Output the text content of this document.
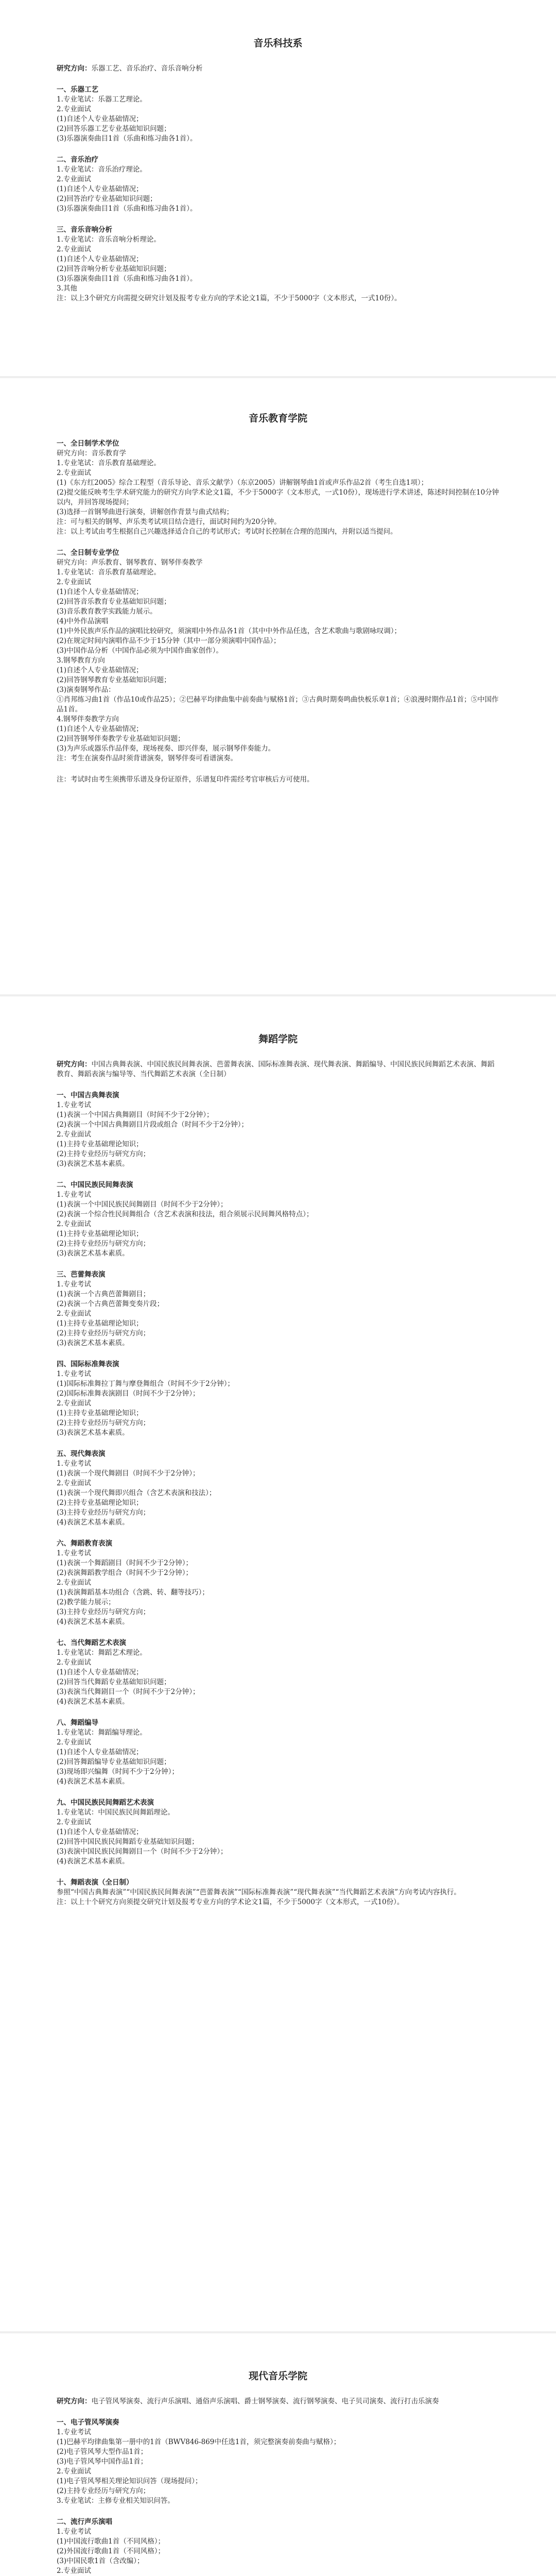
音乐科技系
研究方向：乐器工艺、音乐治疗、音乐音响分析
一、乐器工艺
1.专业笔试：乐器工艺理论。
2.专业面试
(1)自述个人专业基础情况；
(2)回答乐器工艺专业基础知识问题；
(3)乐器演奏曲目1首（乐曲和练习曲各1首）。
二、音乐治疗
1.专业笔试：音乐治疗理论。
2.专业面试
(1)自述个人专业基础情况；
(2)回答治疗专业基础知识问题；
(3)乐器演奏曲目1首（乐曲和练习曲各1首）。
三、音乐音响分析
1.专业笔试：音乐音响分析理论。
2.专业面试
(1)自述个人专业基础情况；
(2)回答音响分析专业基础知识问题；
(3)乐器演奏曲目1首（乐曲和练习曲各1首）。
3.其他
注：以上3个研究方向需提交研究计划及报考专业方向的学术论文1篇，不少于5000字（文本形式，一式10份）。
音乐教育学院
一、全日制学术学位
研究方向：音乐教育学
1.专业笔试：音乐教育基础理论。
2.专业面试
(1)《东方红2005》综合工程型（音乐导论、音乐文献学）（东京2005）讲解钢琴曲1首或声乐作品2首（考生自选1项）；
(2)提交能反映考生学术研究能力的研究方向学术论文1篇，不少于5000字（文本形式，一式10份），现场进行学术讲述，陈述时间控制在10分钟以内，并回答现场提问；
(3)选择一首钢琴曲进行演奏，讲解创作背景与曲式结构；
注：可与相关的钢琴、声乐类考试项目结合进行，面试时间约为20分钟。
注：以上考试由考生根据自己兴趣选择适合自己的考试形式；考试时长控制在合理的范围内，并附以适当提问。
二、全日制专业学位
研究方向：声乐教育、钢琴教育、钢琴伴奏教学
1.专业笔试：音乐教育基础理论。
2.专业面试
(1)自述个人专业基础情况；
(2)回答音乐教育专业基础知识问题；
(3)音乐教育教学实践能力展示。
(4)中外作品演唱
(1)中外民族声乐作品的演唱比较研究，须演唱中外作品各1首（其中中外作品任选，含艺术歌曲与歌剧咏叹调）；
(2)在规定时间内演唱作品不少于15分钟（其中一部分须演唱中国作品）；
(3)中国作品分析（中国作品必须为中国作曲家创作）。
3.钢琴教育方向
(1)自述个人专业基础情况；
(2)回答钢琴教育专业基础知识问题；
(3)演奏钢琴作品：
①肖邦练习曲1首（作品10或作品25）；②巴赫平均律曲集中前奏曲与赋格1首；③古典时期奏鸣曲快板乐章1首；④浪漫时期作品1首；⑤中国作品1首。
4.钢琴伴奏教学方向
(1)自述个人专业基础情况；
(2)回答钢琴伴奏教学专业基础知识问题；
(3)为声乐或器乐作品伴奏，现场视奏、即兴伴奏，展示钢琴伴奏能力。
注：考生在演奏作品时须背谱演奏，钢琴伴奏可看谱演奏。
注：考试时由考生须携带乐谱及身份证原件，乐谱复印件需经考官审核后方可使用。
舞蹈学院
研究方向：中国古典舞表演、中国民族民间舞表演、芭蕾舞表演、国际标准舞表演、现代舞表演、舞蹈编导、中国民族民间舞蹈艺术表演、舞蹈教育、舞蹈表演与编导等、当代舞蹈艺术表演（全日制）
一、中国古典舞表演
1.专业考试
(1)表演一个中国古典舞剧目（时间不少于2分钟）；
(2)表演一个中国古典舞剧目片段或组合（时间不少于2分钟）；
2.专业面试
(1)主持专业基础理论知识；
(2)主持专业经历与研究方向；
(3)表演艺术基本素质。
二、中国民族民间舞表演
1.专业考试
(1)表演一个中国民族民间舞剧目（时间不少于2分钟）；
(2)表演一个综合性民间舞组合（含艺术表演和技法，组合须展示民间舞风格特点）；
2.专业面试
(1)主持专业基础理论知识；
(2)主持专业经历与研究方向；
(3)表演艺术基本素质。
三、芭蕾舞表演
1.专业考试
(1)表演一个古典芭蕾舞剧目；
(2)表演一个古典芭蕾舞变奏片段；
2.专业面试
(1)主持专业基础理论知识；
(2)主持专业经历与研究方向；
(3)表演艺术基本素质。
四、国际标准舞表演
1.专业考试
(1)国际标准舞拉丁舞与摩登舞组合（时间不少于2分钟）；
(2)国际标准舞表演剧目（时间不少于2分钟）；
2.专业面试
(1)主持专业基础理论知识；
(2)主持专业经历与研究方向；
(3)表演艺术基本素质。
五、现代舞表演
1.专业考试
(1)表演一个现代舞剧目（时间不少于2分钟）；
2.专业面试
(1)表演一个现代舞即兴组合（含艺术表演和技法）；
(2)主持专业基础理论知识；
(3)主持专业经历与研究方向；
(4)表演艺术基本素质。
六、舞蹈教育表演
1.专业考试
(1)表演一个舞蹈剧目（时间不少于2分钟）；
(2)表演舞蹈教学组合（时间不少于2分钟）；
2.专业面试
(1)表演舞蹈基本功组合（含跳、转、翻等技巧）；
(2)教学能力展示；
(3)主持专业经历与研究方向；
(4)表演艺术基本素质。
七、当代舞蹈艺术表演
1.专业笔试：舞蹈艺术理论。
2.专业面试
(1)自述个人专业基础情况；
(2)回答当代舞蹈专业基础知识问题；
(3)表演当代舞剧目一个（时间不少于2分钟）；
(4)表演艺术基本素质。
八、舞蹈编导
1.专业笔试：舞蹈编导理论。
2.专业面试
(1)自述个人专业基础情况；
(2)回答舞蹈编导专业基础知识问题；
(3)现场即兴编舞（时间不少于2分钟）；
(4)表演艺术基本素质。
九、中国民族民间舞蹈艺术表演
1.专业笔试：中国民族民间舞蹈理论。
2.专业面试
(1)自述个人专业基础情况；
(2)回答中国民族民间舞蹈专业基础知识问题；
(3)表演中国民族民间舞剧目一个（时间不少于2分钟）；
(4)表演艺术基本素质。
十、舞蹈表演（全日制）
参照“中国古典舞表演”“中国民族民间舞表演”“芭蕾舞表演”“国际标准舞表演”“现代舞表演”“当代舞蹈艺术表演”方向考试内容执行。
注：以上十个研究方向须提交研究计划及报考专业方向的学术论文1篇，不少于5000字（文本形式，一式10份）。
现代音乐学院
研究方向：电子管风琴演奏、流行声乐演唱、通俗声乐演唱、爵士钢琴演奏、流行钢琴演奏、电子贝司演奏、流行打击乐演奏
一、电子管风琴演奏
1.专业考试
(1)巴赫平均律曲集第一册中的1首（BWV846-869中任选1首，须完整演奏前奏曲与赋格）；
(2)电子管风琴大型作品1首；
(3)电子管风琴中国作品1首；
2.专业面试
(1)电子管风琴相关理论知识问答（现场提问）；
(2)主持专业经历与研究方向；
3.专业笔试：主修专业相关知识问答。
二、流行声乐演唱
1.专业考试
(1)中国流行歌曲1首（不同风格）；
(2)外国流行歌曲1首（不同风格）；
(3)中国民歌1首（含改编）；
2.专业面试
